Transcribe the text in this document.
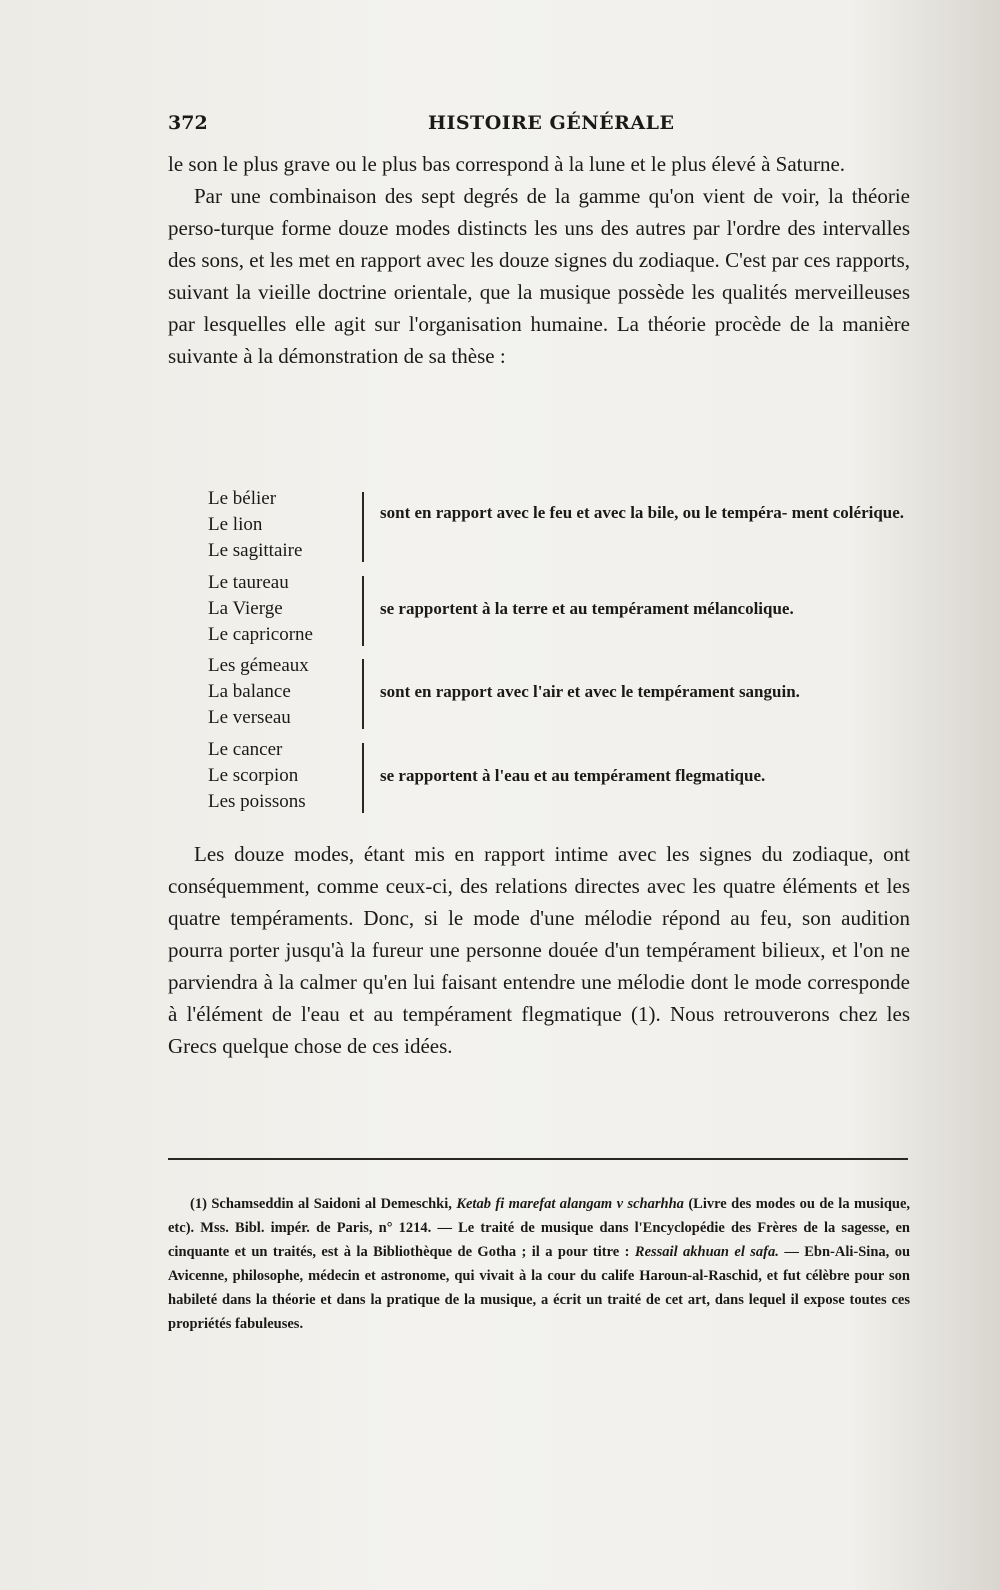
372	HISTOIRE GÉNÉRALE

le son le plus grave ou le plus bas correspond à la lune et le plus élevé à Saturne.

Par une combinaison des sept degrés de la gamme qu'on vient de voir, la théorie perso-turque forme douze modes distincts les uns des autres par l'ordre des intervalles des sons, et les met en rapport avec les douze signes du zodiaque. C'est par ces rapports, suivant la vieille doctrine orientale, que la musique possède les qualités merveilleuses par lesquelles elle agit sur l'organisation humaine. La théorie procède de la manière suivante à la démonstration de sa thèse :

Le bélier
Le lion
Le sagittaire
sont en rapport avec le feu et avec la bile, ou le tempéra- ment colérique.
Le taureau
La Vierge
Le capricorne
se rapportent à la terre et au tempérament mélancolique.
Les gémeaux
La balance
Le verseau
sont en rapport avec l'air et avec le tempérament sanguin.
Le cancer
Le scorpion
Les poissons
se rapportent à l'eau et au tempérament flegmatique.

Les douze modes, étant mis en rapport intime avec les signes du zodiaque, ont conséquemment, comme ceux-ci, des relations directes avec les quatre éléments et les quatre tempéraments. Donc, si le mode d'une mélodie répond au feu, son audition pourra porter jusqu'à la fureur une personne douée d'un tempérament bilieux, et l'on ne parviendra à la calmer qu'en lui faisant entendre une mélodie dont le mode corresponde à l'élément de l'eau et au tempérament flegmatique (1). Nous retrouverons chez les Grecs quelque chose de ces idées.

(1) Schamseddin al Saidoni al Demeschki, Ketab fi marefat alangam v scharhha (Livre des modes ou de la musique, etc). Mss. Bibl. impér. de Paris, n° 1214. — Le traité de musique dans l'Encyclopédie des Frères de la sagesse, en cinquante et un traités, est à la Bibliothèque de Gotha ; il a pour titre : Ressail akhuan el safa. — Ebn-Ali-Sina, ou Avicenne, philosophe, médecin et astronome, qui vivait à la cour du calife Haroun-al-Raschid, et fut célèbre pour son habileté dans la théorie et dans la pratique de la musique, a écrit un traité de cet art, dans lequel il expose toutes ces propriétés fabuleuses.
